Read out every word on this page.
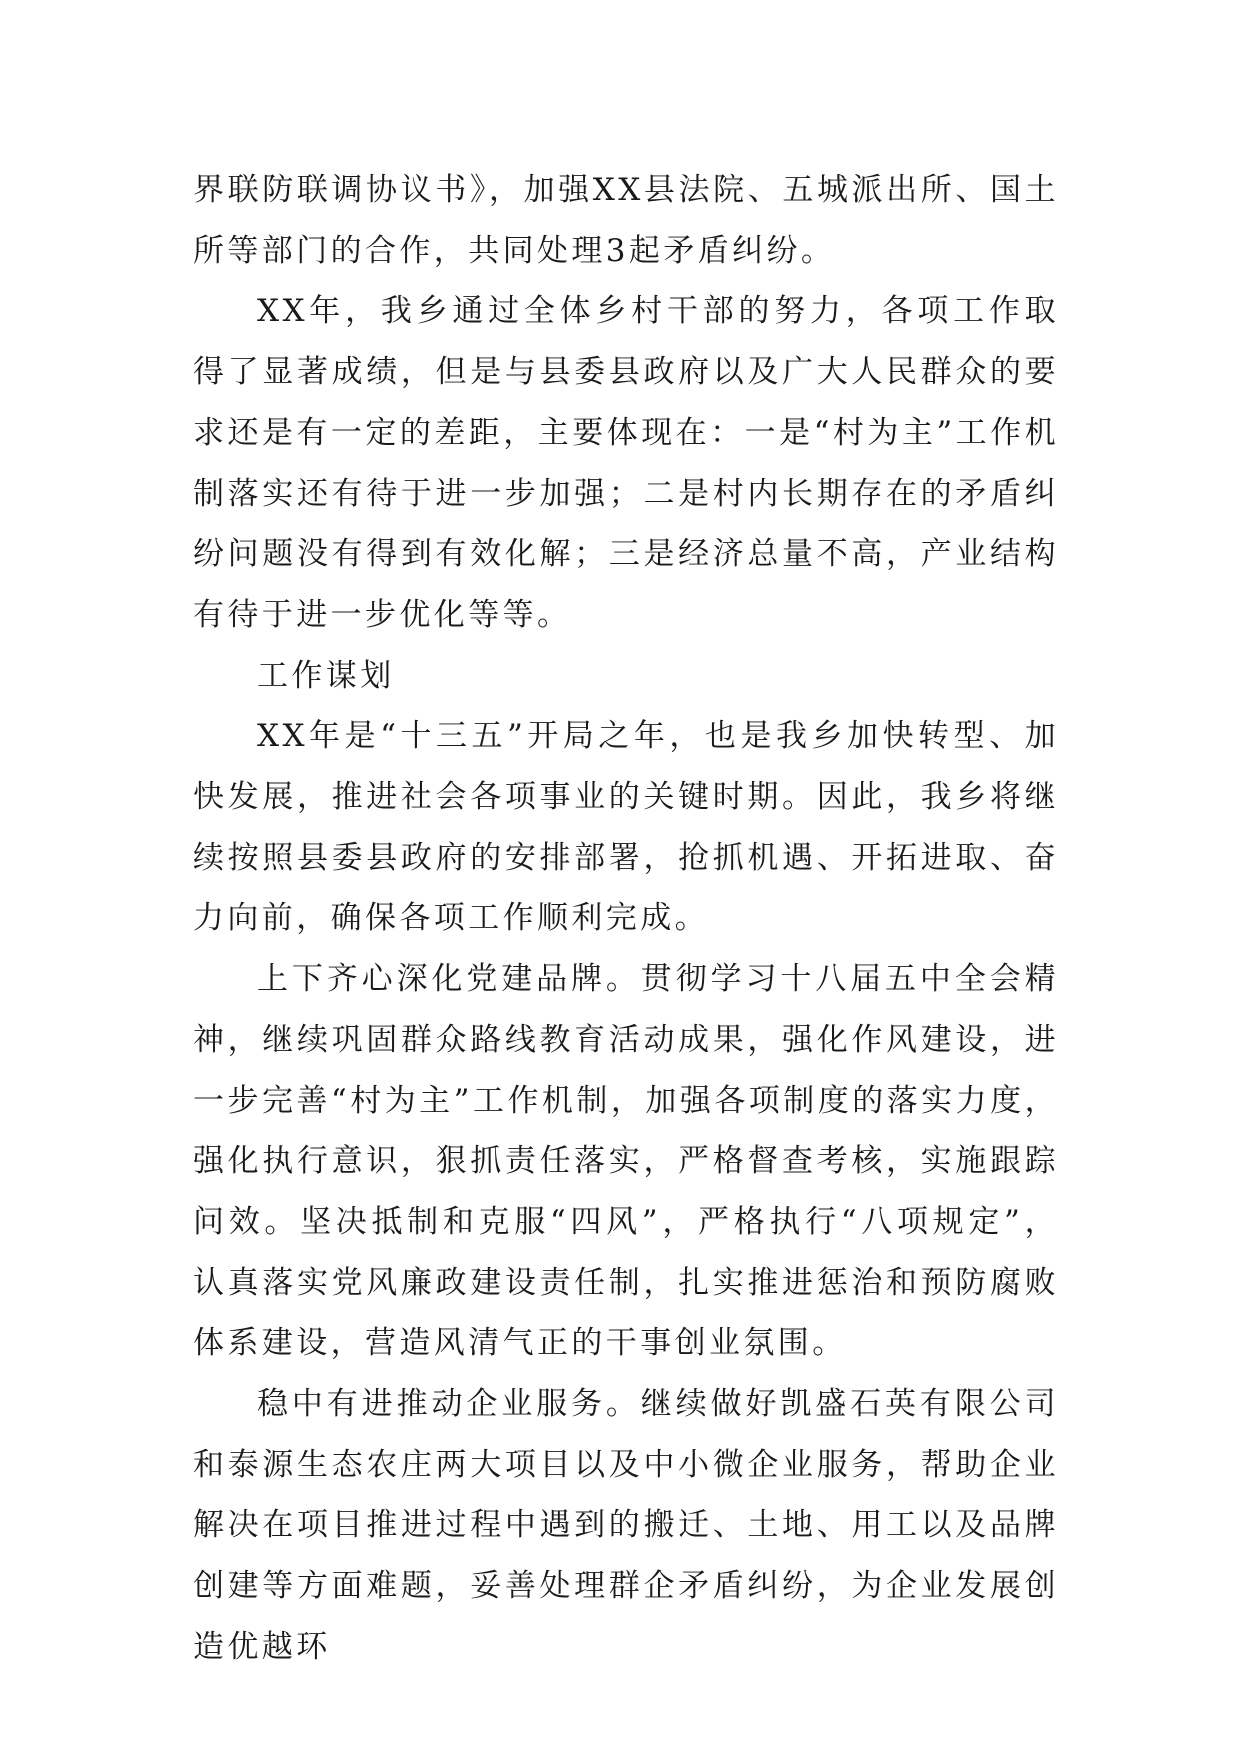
界联防联调协议书》，加强XX县法院、五城派出所、国土所等部门的合作，共同处理3起矛盾纠纷。

XX年，我乡通过全体乡村干部的努力，各项工作取得了显著成绩，但是与县委县政府以及广大人民群众的要求还是有一定的差距，主要体现在：一是“村为主”工作机制落实还有待于进一步加强；二是村内长期存在的矛盾纠纷问题没有得到有效化解；三是经济总量不高，产业结构有待于进一步优化等等。

工作谋划

XX年是“十三五”开局之年，也是我乡加快转型、加快发展，推进社会各项事业的关键时期。因此，我乡将继续按照县委县政府的安排部署，抢抓机遇、开拓进取、奋力向前，确保各项工作顺利完成。

上下齐心深化党建品牌。贯彻学习十八届五中全会精神，继续巩固群众路线教育活动成果，强化作风建设，进一步完善“村为主”工作机制，加强各项制度的落实力度，强化执行意识，狠抓责任落实，严格督查考核，实施跟踪问效。坚决抵制和克服“四风”，严格执行“八项规定”，认真落实党风廉政建设责任制，扎实推进惩治和预防腐败体系建设，营造风清气正的干事创业氛围。

稳中有进推动企业服务。继续做好凯盛石英有限公司和泰源生态农庄两大项目以及中小微企业服务，帮助企业解决在项目推进过程中遇到的搬迁、土地、用工以及品牌创建等方面难题，妥善处理群企矛盾纠纷，为企业发展创造优越环
